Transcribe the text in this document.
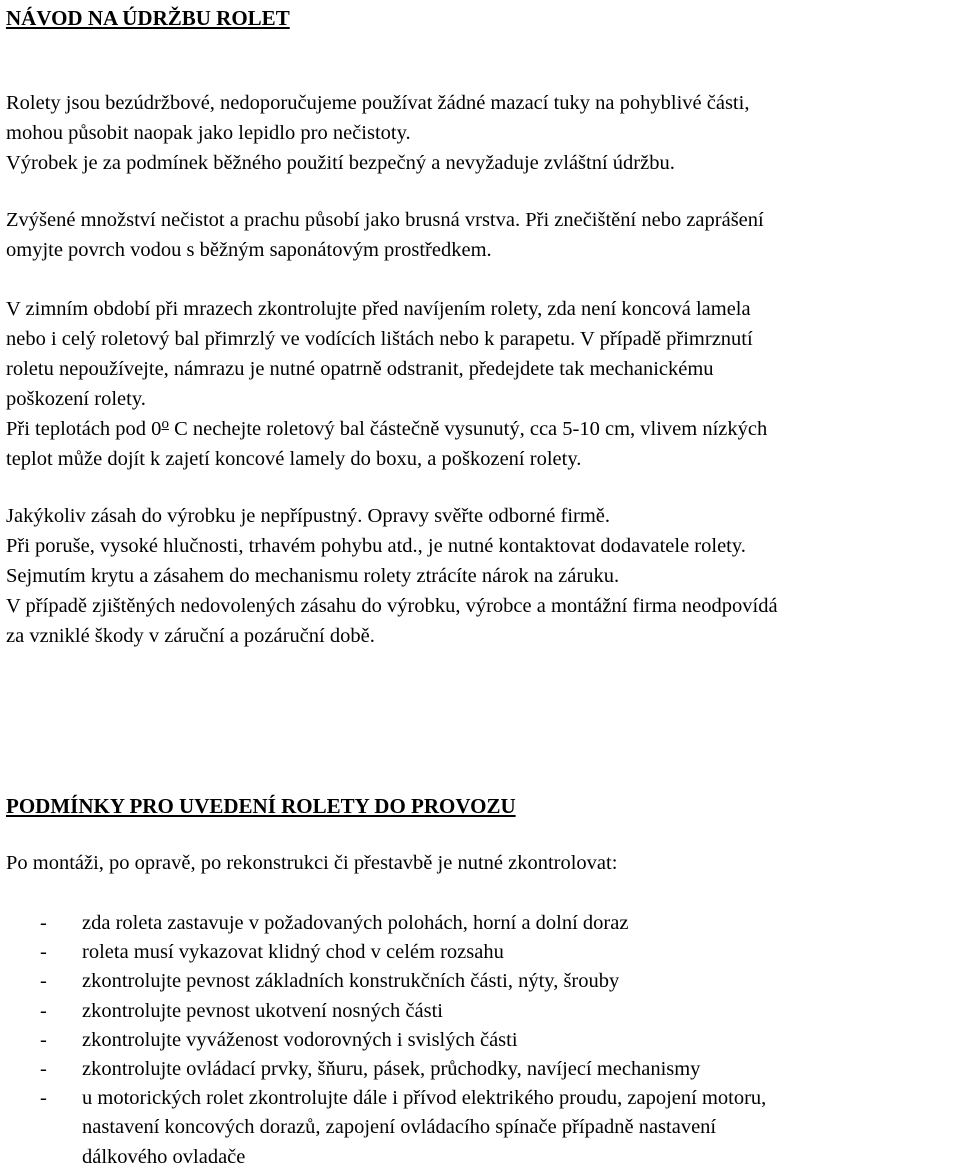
NÁVOD NA ÚDRŽBU ROLET
Rolety jsou bezúdržbové, nedoporučujeme používat žádné mazací tuky na pohyblivé části,
mohou působit naopak jako lepidlo pro nečistoty.
Výrobek je za podmínek běžného použití bezpečný a nevyžaduje zvláštní údržbu.
Zvýšené množství nečistot a prachu působí jako brusná vrstva. Při znečištění nebo zaprášení
omyjte povrch vodou s běžným saponátovým prostředkem.
V zimním období při mrazech zkontrolujte před navíjením rolety, zda není koncová lamela
nebo i celý roletový bal přimrzlý ve vodících lištách nebo k parapetu. V případě přimrznutí
roletu nepoužívejte, námrazu je nutné opatrně odstranit, předejdete tak mechanickému
poškození rolety.
Při teplotách pod 0$^o$ C nechejte roletový bal částečně vysunutý, cca 5-10 cm, vlivem nízkých
teplot může dojít k zajetí koncové lamely do boxu, a poškození rolety.
Jakýkoliv zásah do výrobku je nepřípustný. Opravy svěřte odborné firmě.
Při poruše, vysoké hlučnosti, trhavém pohybu atd., je nutné kontaktovat dodavatele rolety.
Sejmutím krytu a zásahem do mechanismu rolety ztrácíte nárok na záruku.
V případě zjištěných nedovolených zásahu do výrobku, výrobce a montážní firma neodpovídá
za vzniklé škody v záruční a pozáruční době.
PODMÍNKY PRO UVEDENÍ ROLETY DO PROVOZU
Po montáži, po opravě, po rekonstrukci či přestavbě je nutné zkontrolovat:
- zda roleta zastavuje v požadovaných polohách, horní a dolní doraz
- roleta musí vykazovat klidný chod v celém rozsahu
- zkontrolujte pevnost základních konstrukčních části, nýty, šrouby
- zkontrolujte pevnost ukotvení nosných části
- zkontrolujte vyváženost vodorovných i svislých části
- zkontrolujte ovládací prvky, šňuru, pásek, průchodky, navíjecí mechanismy
- u motorických rolet zkontrolujte dále i přívod elektrikého proudu, zapojení motoru,
nastavení koncových dorazů, zapojení ovládacího spínače případně nastavení
dálkového ovladače
